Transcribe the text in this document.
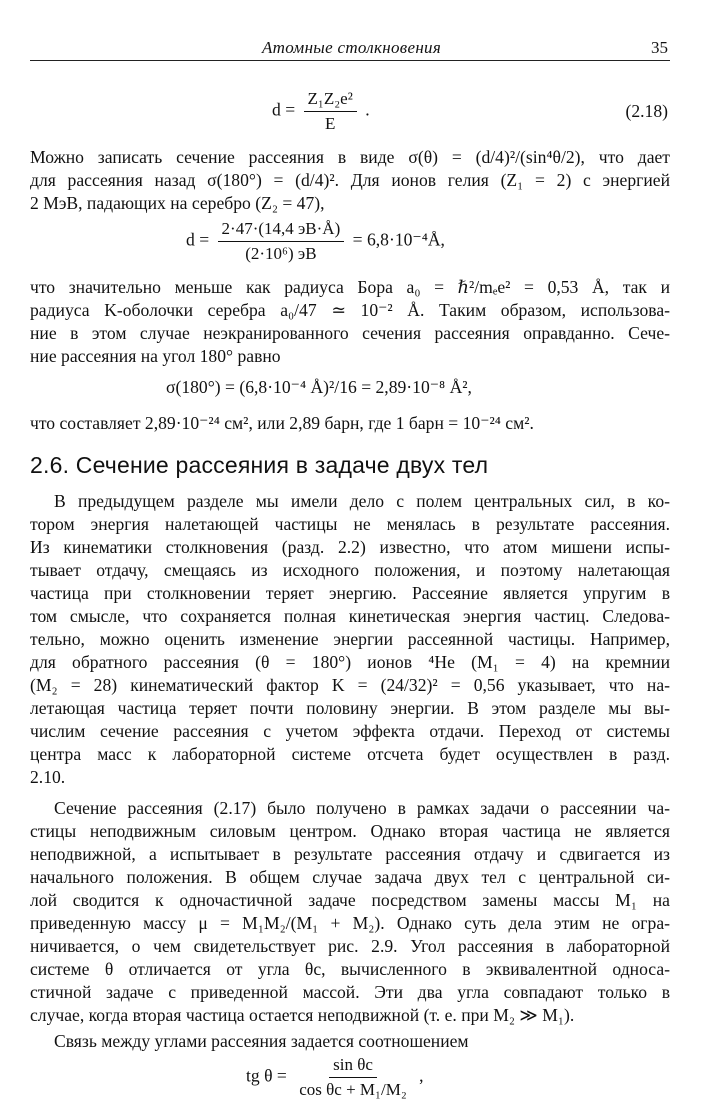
Атомные столкновения	35
$d = \frac{\text{Z₁Z₂e²}}{E}$ .	(2.18)
Можно записать сечение рассеяния в виде σ(θ) = (d/4)²/(sin⁴θ/2), что дает
для рассеяния назад σ(180°) = (d/4)². Для ионов гелия (Z₁ = 2) с энергией
2 МэВ, падающих на серебро (Z₂ = 47),
$d = \frac{2\cdot 47\cdot(14,4 эВ\cdot Å)}{\text{(2·10⁶) эВ}}$ = 6,8·10⁻⁴Å,
что значительно меньше как радиуса Бора a₀ = ℏ²/mₑe² = 0,53 Å, так и
радиуса K-оболочки серебра a₀/47 ≃ 10⁻² Å. Таким образом, использова-
ние в этом случае неэкранированного сечения рассеяния оправданно. Сече-
ние рассеяния на угол 180° равно
σ(180°) = (6,8·10⁻⁴ Å)²/16 = 2,89·10⁻⁸ Å²,
что составляет 2,89·10⁻²⁴ см², или 2,89 барн, где 1 барн = 10⁻²⁴ см².
2.6. Сечение рассеяния в задаче двух тел
В предыдущем разделе мы имели дело с полем центральных сил, в ко-
тором энергия налетающей частицы не менялась в результате рассеяния.
Из кинематики столкновения (разд. 2.2) известно, что атом мишени испы-
тывает отдачу, смещаясь из исходного положения, и поэтому налетающая
частица при столкновении теряет энергию. Рассеяние является упругим в
том смысле, что сохраняется полная кинетическая энергия частиц. Следова-
тельно, можно оценить изменение энергии рассеянной частицы. Например,
для обратного рассеяния (θ = 180°) ионов ⁴He (M₁ = 4) на кремнии
(M₂ = 28) кинематический фактор K = (24/32)² = 0,56 указывает, что на-
летающая частица теряет почти половину энергии. В этом разделе мы вы-
числим сечение рассеяния с учетом эффекта отдачи. Переход от системы
центра масс к лабораторной системе отсчета будет осуществлен в разд.
2.10.
Сечение рассеяния (2.17) было получено в рамках задачи о рассеянии ча-
стицы неподвижным силовым центром. Однако вторая частица не является
неподвижной, а испытывает в результате рассеяния отдачу и сдвигается из
начального положения. В общем случае задача двух тел с центральной си-
лой сводится к одночастичной задаче посредством замены массы M₁ на
приведенную массу μ = M₁M₂/(M₁ + M₂). Однако суть дела этим не огра-
ничивается, о чем свидетельствует рис. 2.9. Угол рассеяния в лабораторной
системе θ отличается от угла θc, вычисленного в эквивалентной односа-
стичной задаче с приведенной массой. Эти два угла совпадают только в
случае, когда вторая частица остается неподвижной (т. е. при M₂ ≫ M₁).
Связь между углами рассеяния задается соотношением
tg $\theta = \frac{\text{sin θc}}{\text{cos θc + M₁/M₂}}$ ,
